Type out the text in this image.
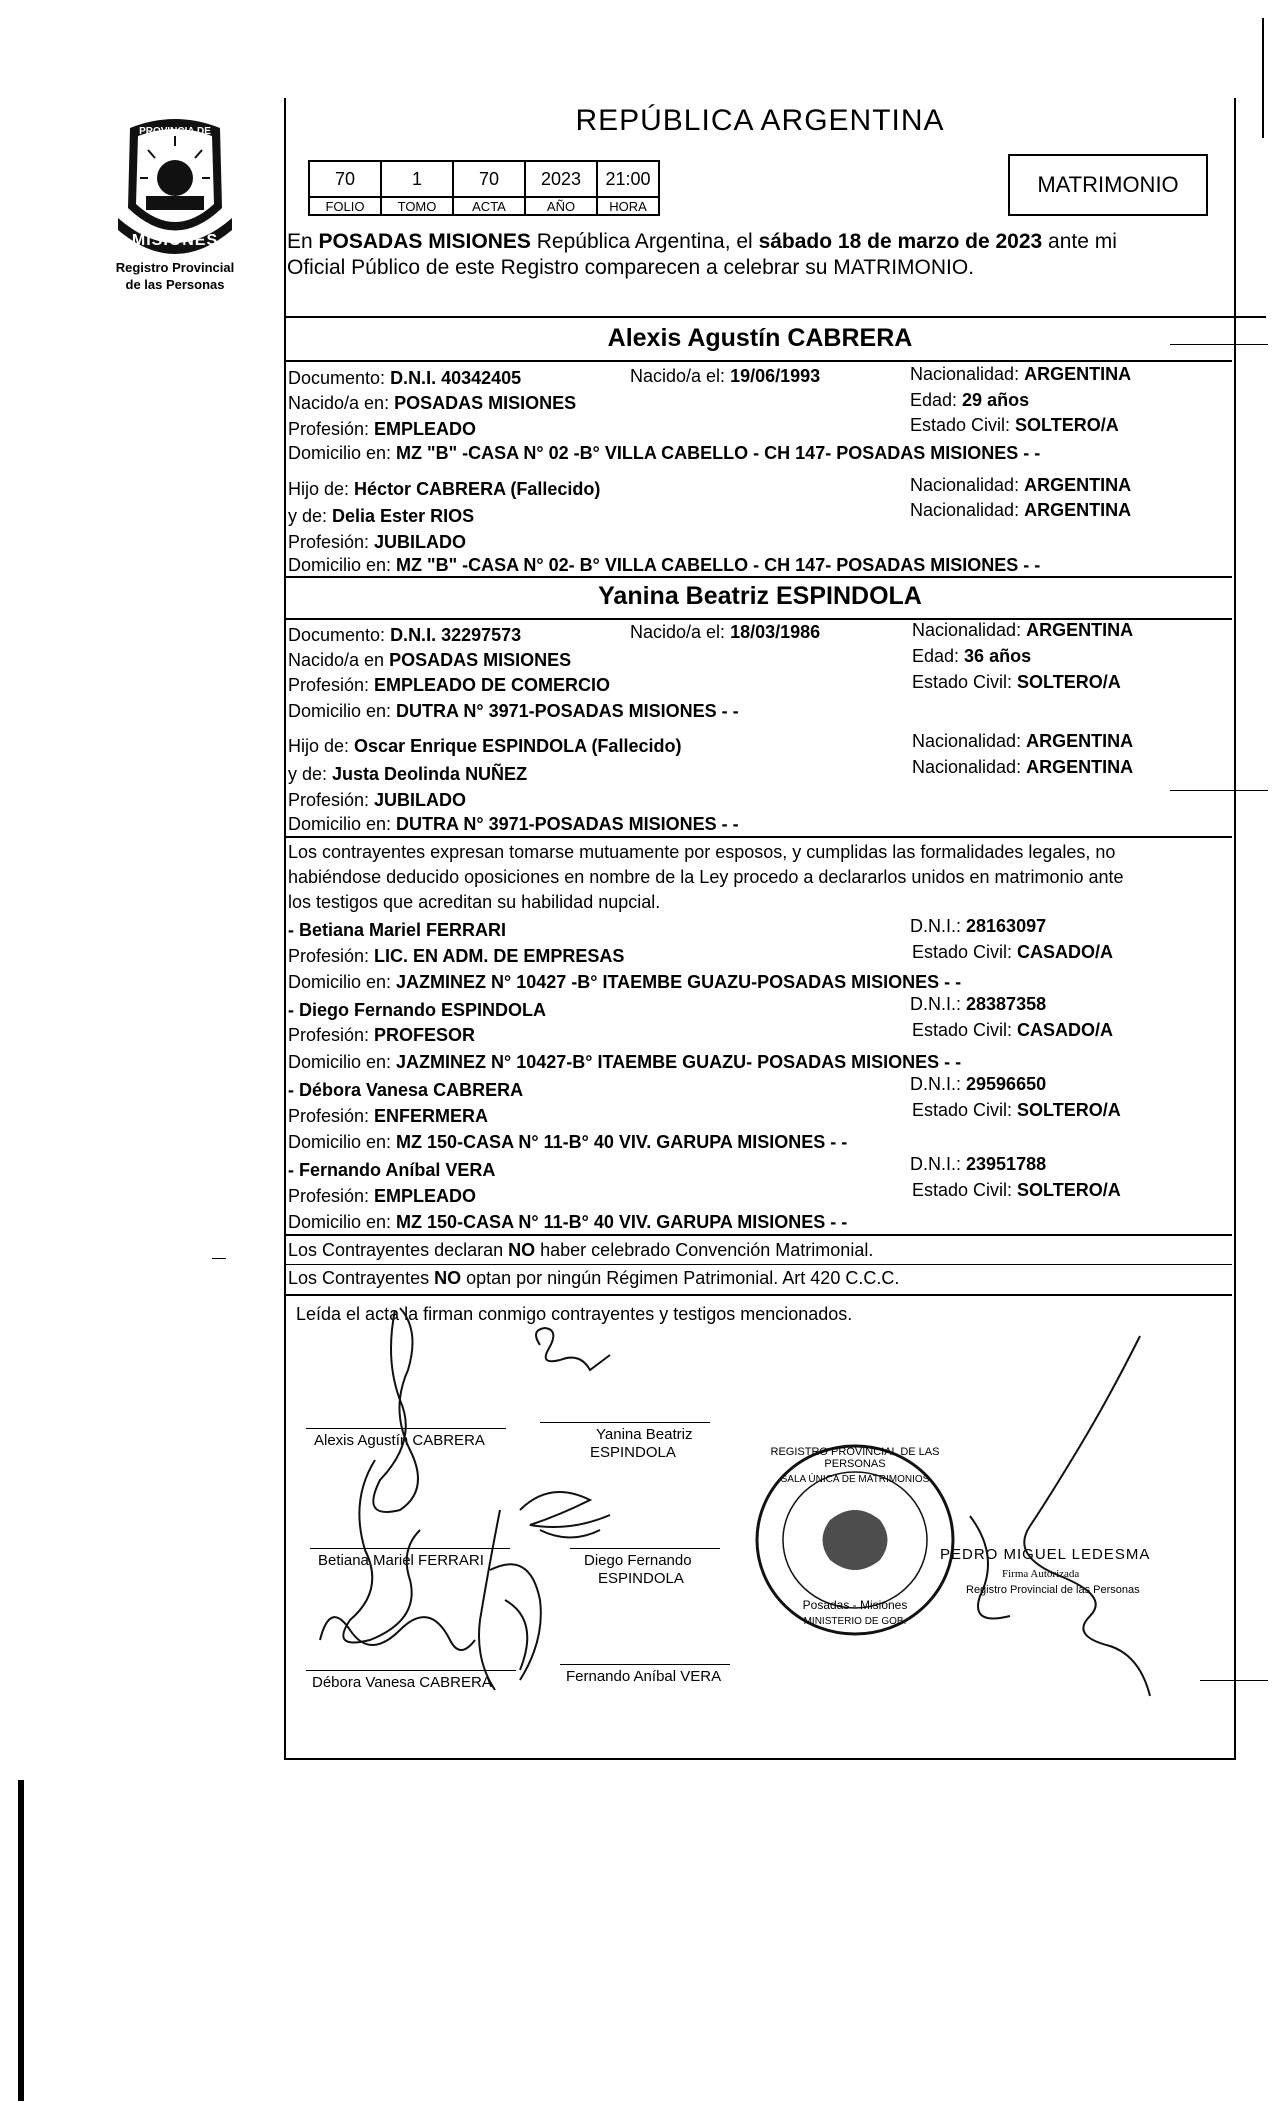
PROVINCIA DE
MISIONES
Registro Provincial
de las Personas
REPÚBLICA ARGENTINA
70	1	70	2023	21:00
FOLIO	TOMO	ACTA	AÑO	HORA
MATRIMONIO
En POSADAS MISIONES República Argentina, el sábado 18 de marzo de 2023 ante mi
Oficial Público de este Registro comparecen a celebrar su MATRIMONIO.
Alexis Agustín CABRERA
Documento: D.N.I. 40342405	Nacido/a el: 19/06/1993	Nacionalidad: ARGENTINA
Nacido/a en: POSADAS MISIONES	Edad: 29 años
Profesión: EMPLEADO	Estado Civil: SOLTERO/A
Domicilio en: MZ "B" -CASA N° 02 -B° VILLA CABELLO - CH 147- POSADAS MISIONES - -
Hijo de: Héctor CABRERA (Fallecido)	Nacionalidad: ARGENTINA
y de: Delia Ester RIOS	Nacionalidad: ARGENTINA
Profesión: JUBILADO
Domicilio en: MZ "B" -CASA N° 02- B° VILLA CABELLO - CH 147- POSADAS MISIONES - -
Yanina Beatriz ESPINDOLA
Documento: D.N.I. 32297573	Nacido/a el: 18/03/1986	Nacionalidad: ARGENTINA
Nacido/a en POSADAS MISIONES	Edad: 36 años
Profesión: EMPLEADO DE COMERCIO	Estado Civil: SOLTERO/A
Domicilio en: DUTRA N° 3971-POSADAS MISIONES - -
Hijo de: Oscar Enrique ESPINDOLA (Fallecido)	Nacionalidad: ARGENTINA
y de: Justa Deolinda NUÑEZ	Nacionalidad: ARGENTINA
Profesión: JUBILADO
Domicilio en: DUTRA N° 3971-POSADAS MISIONES - -
Los contrayentes expresan tomarse mutuamente por esposos, y cumplidas las formalidades legales, no
habiéndose deducido oposiciones en nombre de la Ley procedo a declararlos unidos en matrimonio ante
los testigos que acreditan su habilidad nupcial.
- Betiana Mariel FERRARI	D.N.I.: 28163097
Profesión: LIC. EN ADM. DE EMPRESAS	Estado Civil: CASADO/A
Domicilio en: JAZMINEZ N° 10427 -B° ITAEMBE GUAZU-POSADAS MISIONES - -
- Diego Fernando ESPINDOLA	D.N.I.: 28387358
Profesión: PROFESOR	Estado Civil: CASADO/A
Domicilio en: JAZMINEZ N° 10427-B° ITAEMBE GUAZU- POSADAS MISIONES - -
- Débora Vanesa CABRERA	D.N.I.: 29596650
Profesión: ENFERMERA	Estado Civil: SOLTERO/A
Domicilio en: MZ 150-CASA N° 11-B° 40 VIV. GARUPA MISIONES - -
- Fernando Aníbal VERA	D.N.I.: 23951788
Profesión: EMPLEADO	Estado Civil: SOLTERO/A
Domicilio en: MZ 150-CASA N° 11-B° 40 VIV. GARUPA MISIONES - -
Los Contrayentes declaran NO haber celebrado Convención Matrimonial.
Los Contrayentes NO optan por ningún Régimen Patrimonial. Art 420 C.C.C.
Leída el acta la firman conmigo contrayentes y testigos mencionados.
Alexis Agustín CABRERA	Yanina Beatriz
ESPINDOLA
Betiana Mariel FERRARI	Diego Fernando
ESPINDOLA
Débora Vanesa CABRERA	Fernando Aníbal VERA
REGISTRO PROVINCIAL DE LAS PERSONAS
SALA ÚNICA DE MATRIMONIOS
Posadas - Misiones
MINISTERIO DE GOB.
PEDRO MIGUEL LEDESMA
Firma Autorizada
Registro Provincial de las Personas
